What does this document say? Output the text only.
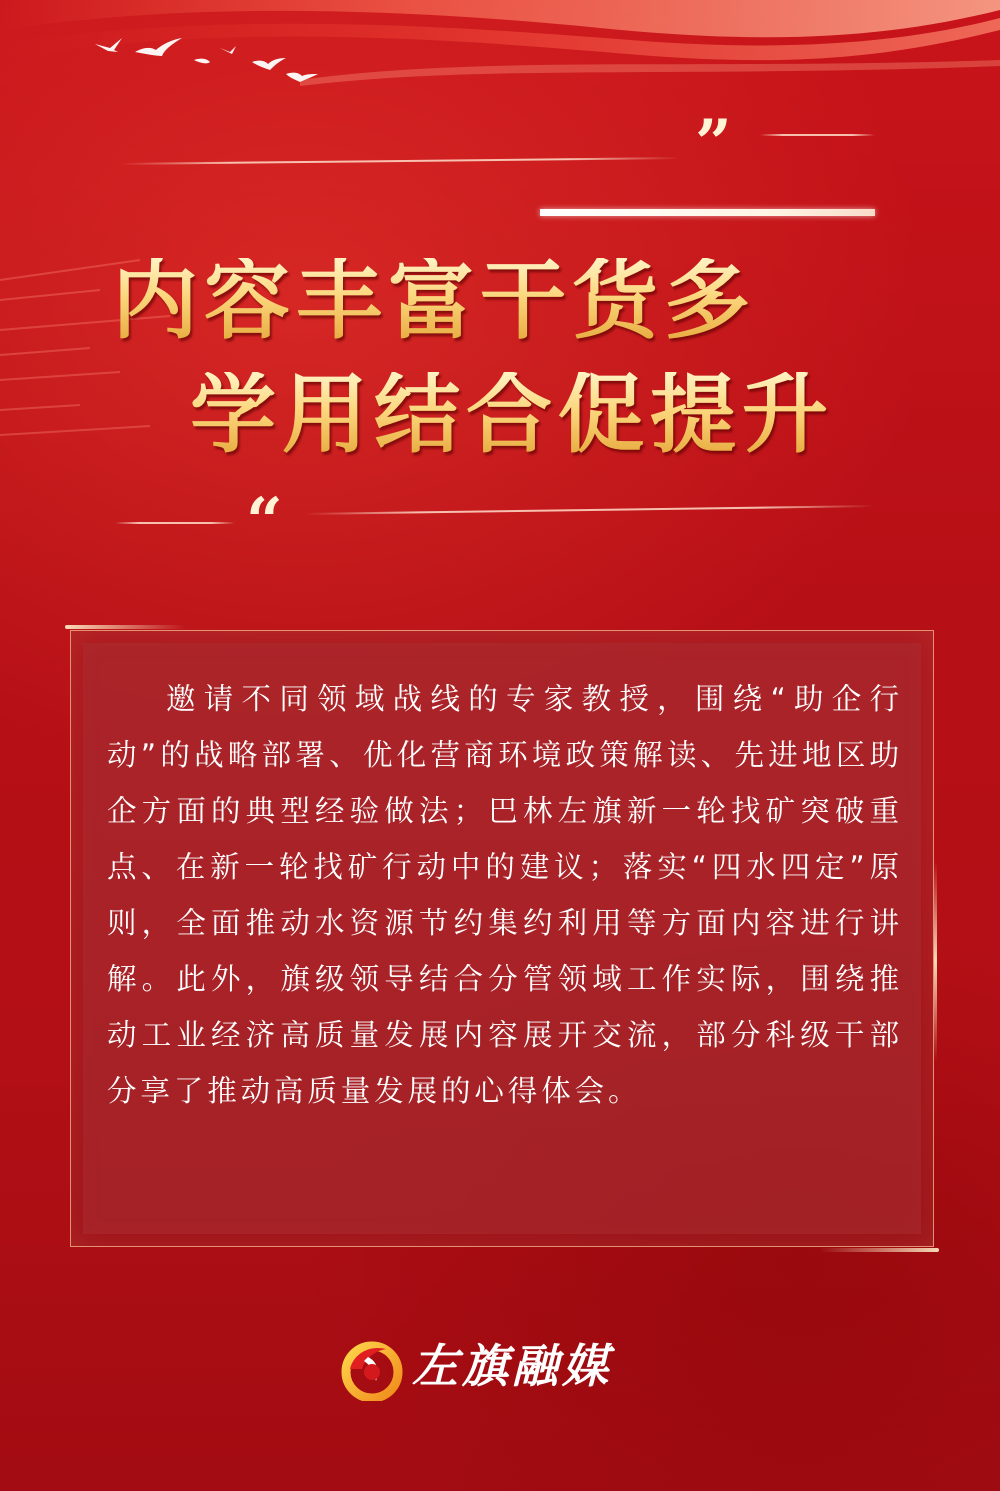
”
内容丰富干货多
学用结合促提升
“

邀请不同领域战线的专家教授，围绕“助企行动”的战略部署、优化营商环境政策解读、先进地区助企方面的典型经验做法；巴林左旗新一轮找矿突破重点、在新一轮找矿行动中的建议；落实“四水四定”原则，全面推动水资源节约集约利用等方面内容进行讲解。此外，旗级领导结合分管领域工作实际，围绕推动工业经济高质量发展内容展开交流，部分科级干部分享了推动高质量发展的心得体会。

左旗融媒
